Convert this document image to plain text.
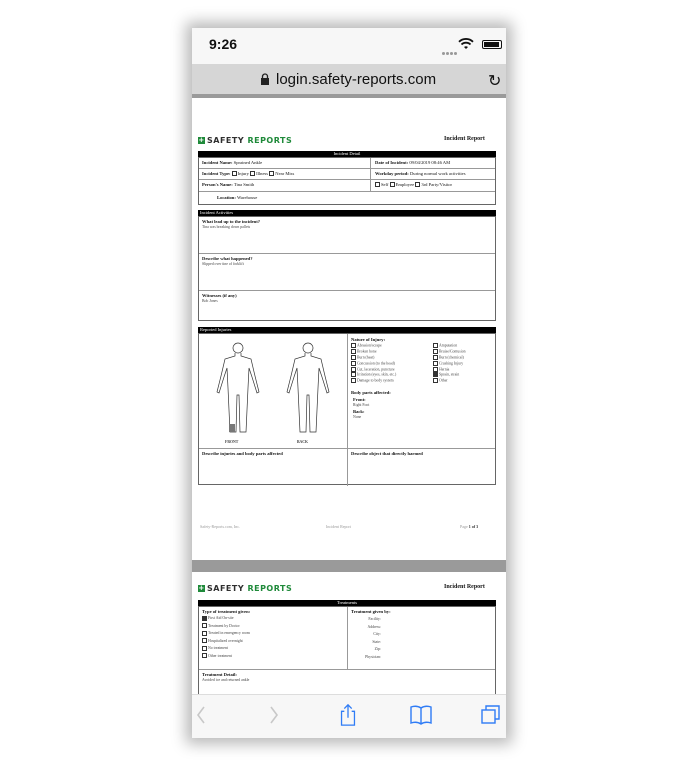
9:26
login.safety-reports.com	↻
+ SAFETY REPORTS	Incident Report
Incident Detail
Incident Name: Sprained Ankle	Date of Incident: 09/04/2019 08:46 AM
Incident Type: Injury Illness Near Miss	Workday period: During normal work activities
Person's Name: Tina Smith	Self Employee 3rd Party/Visitor
Location: Warehouse
Incident Activities
What lead up to the incident?
Tina was breaking down pallets
Describe what happened?
Slipped over tine of forklift
Witnesses (if any)
Bob Jones
Reported Injuries
FRONT	BACK
Nature of Injury:
Abrasion/scrape
Broken bone
Burn (heat)
Concussion (to the head)
Cut, laceration, puncture
Irritation (eyes, skin, etc.)
Damage to body system
Amputation
Bruise/Contusion
Burn (chemical)
Crushing Injury
Hernia
Sprain, strain
Other
Body parts affected:
Front:
Right Foot
Back:
None
Describe injuries and body parts affected	Describe object that directly harmed
Safety-Reports.com, Inc.	Incident Report	Page 1 of 3
+ SAFETY REPORTS	Incident Report
Treatments
Type of treatment given:
First Aid On-site
Treatment by Doctor
Treated in emergency room
Hospitalized overnight
No treatment
Other treatment
Treatment given by:
Facility:
Address:
City:
State:
Zip:
Physician:
Treatment Detail:
Avoided ice and returned ankle
